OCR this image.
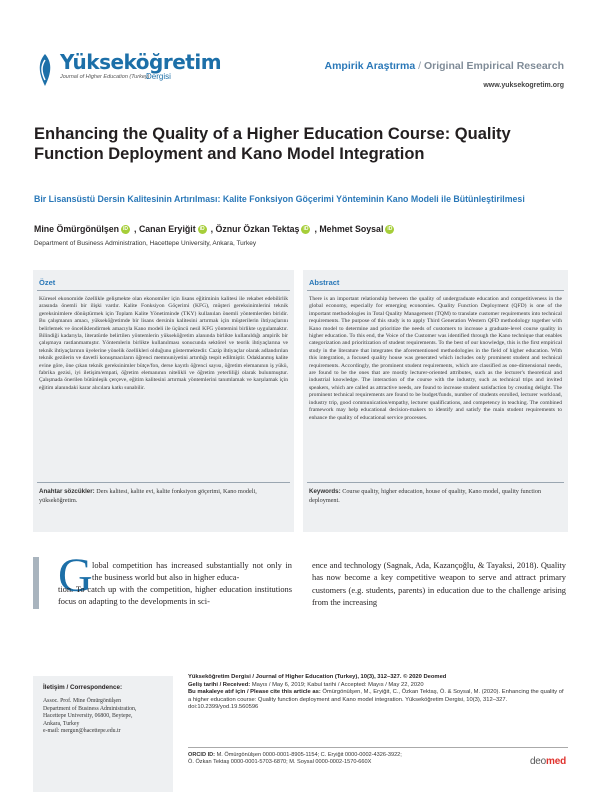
Yükseköğretim
Journal of Higher Education (Turkey)
Dergisi
Ampirik Araştırma / Original Empirical Research
www.yuksekogretim.org
Enhancing the Quality of a Higher Education Course: Quality Function Deployment and Kano Model Integration
Bir Lisansüstü Dersin Kalitesinin Artırılması: Kalite Fonksiyon Göçerimi Yönteminin Kano Modeli ile Bütünleştirilmesi
Mine Ömürgönülşen iD , Canan Eryiğit iD , Öznur Özkan Tektaş iD , Mehmet Soysal iD
Department of Business Administration, Hacettepe University, Ankara, Turkey
Özet
Küresel ekonomide özellikle gelişmekte olan ekonomiler için lisans eğitiminin kalitesi ile rekabet edebilirlik arasında önemli bir ilişki vardır. Kalite Fonksiyon Göçerimi (KFG), müşteri gereksinimlerini teknik gereksinimlere dönüştürmek için Toplam Kalite Yönetiminde (TKY) kullanılan önemli yöntemlerden biridir. Bu çalışmanın amacı, yükseköğretimde bir lisans dersinin kalitesini artırmak için müşterilerin ihtiyaçlarını belirlemek ve önceliklendirmek amacıyla Kano modeli ile üçüncü nesil KFG yöntemini birlikte uygulamaktır. Bilindiği kadarıyla, literatürde belirtilen yöntemlerin yükseköğretim alanında birlikte kullanıldığı ampirik bir çalışmaya rastlanmamıştır. Yöntemlerin birlikte kullanılması sonucunda sektörel ve teorik ihtiyaçlarına ve teknik ihtiyaçlarının üyelerine yönelik özellikleri olduğunu göstermektedir. Cazip ihtiyaçlar olarak adlandırılan teknik gezilerin ve davetli konuşmacıların öğrenci memnuniyetini artırdığı tespit edilmiştir. Odaklanmış kalite evine göre, öne çıkan teknik gereksinimler bütçe/fon, derse kayıtlı öğrenci sayısı, öğretim elemanının iş yükü, fabrika gezisi, iyi iletişim/empati, öğretim elemanının nitelikli ve öğretim yeterliliği olarak bulunmuştur. Çalışmada önerilen bütünleşik çerçeve, eğitim kalitesini artırmak yöntemlerini tanımlamak ve karşılamak için eğitim alanındaki karar alıcılara katkı sunabilir.
Anahtar sözcükler: Ders kalitesi, kalite evi, kalite fonksiyon göçerimi, Kano modeli, yükseköğretim.
Abstract
There is an important relationship between the quality of undergraduate education and competitiveness in the global economy, especially for emerging economies. Quality Function Deployment (QFD) is one of the important methodologies in Total Quality Management (TQM) to translate customer requirements into technical requirements. The purpose of this study is to apply Third Generation Western QFD methodology together with Kano model to determine and prioritize the needs of customers to increase a graduate-level course quality in higher education. To this end, the Voice of the Customer was identified through the Kano technique that enables categorization and prioritization of student requirements. To the best of our knowledge, this is the first empirical study in the literature that integrates the aforementioned methodologies in the field of higher education. With this integration, a focused quality house was generated which includes only prominent student and technical requirements. Accordingly, the prominent student requirements, which are classified as one-dimensional needs, are found to be the ones that are mostly lecturer-oriented attributes, such as the lecturer's theoretical and industrial knowledge. The interaction of the course with the industry, such as technical trips and invited speakers, which are called as attractive needs, are found to increase student satisfaction by creating delight. The prominent technical requirements are found to be budget/funds, number of students enrolled, lecturer workload, industry trip, good communication/empathy, lecturer qualifications, and competency in teaching. The combined framework may help educational decision-makers to identify and satisfy the main student requirements to enhance the quality of educational service processes.
Keywords: Course quality, higher education, house of quality, Kano model, quality function deployment.
G lobal competition has increased substantially not only in the business world but also in higher educa-
tion. To catch up with the competition, higher education institutions focus on adapting to the developments in sci-
ence and technology (Sagnak, Ada, Kazançoğlu, & Tayaksi, 2018). Quality has now become a key competitive weapon to serve and attract primary customers (e.g. students, parents) in education due to the challenge arising from the increasing
İletişim / Correspondence:
Assoc. Prof. Mine Ömürgönülşen
Department of Business Administration,
Hacettepe University, 06800, Beytepe,
Ankara, Turkey
e-mail: mergun@hacettepe.edu.tr
Yükseköğretim Dergisi / Journal of Higher Education (Turkey), 10(3), 312–327. © 2020 Deomed
Geliş tarihi / Received: Mayıs / May 6, 2019; Kabul tarihi / Accepted: Mayıs / May 22, 2020
Bu makaleye atıf için / Please cite this article as: Ömürgönülşen, M., Eryiğit, C., Özkan Tektaş, Ö. & Soysal, M. (2020). Enhancing the quality of a higher education course: Quality function deployment and Kano model integration. Yükseköğretim Dergisi, 10(3), 312–327. doi:10.2399/yod.19.560596
ORCID ID: M. Ömürgönülşen 0000-0001-8905-1154; C. Eryiğit 0000-0002-4326-3922;
Ö. Özkan Tektaş 0000-0001-5703-6870; M. Soysal 0000-0002-1570-660X	deomed
